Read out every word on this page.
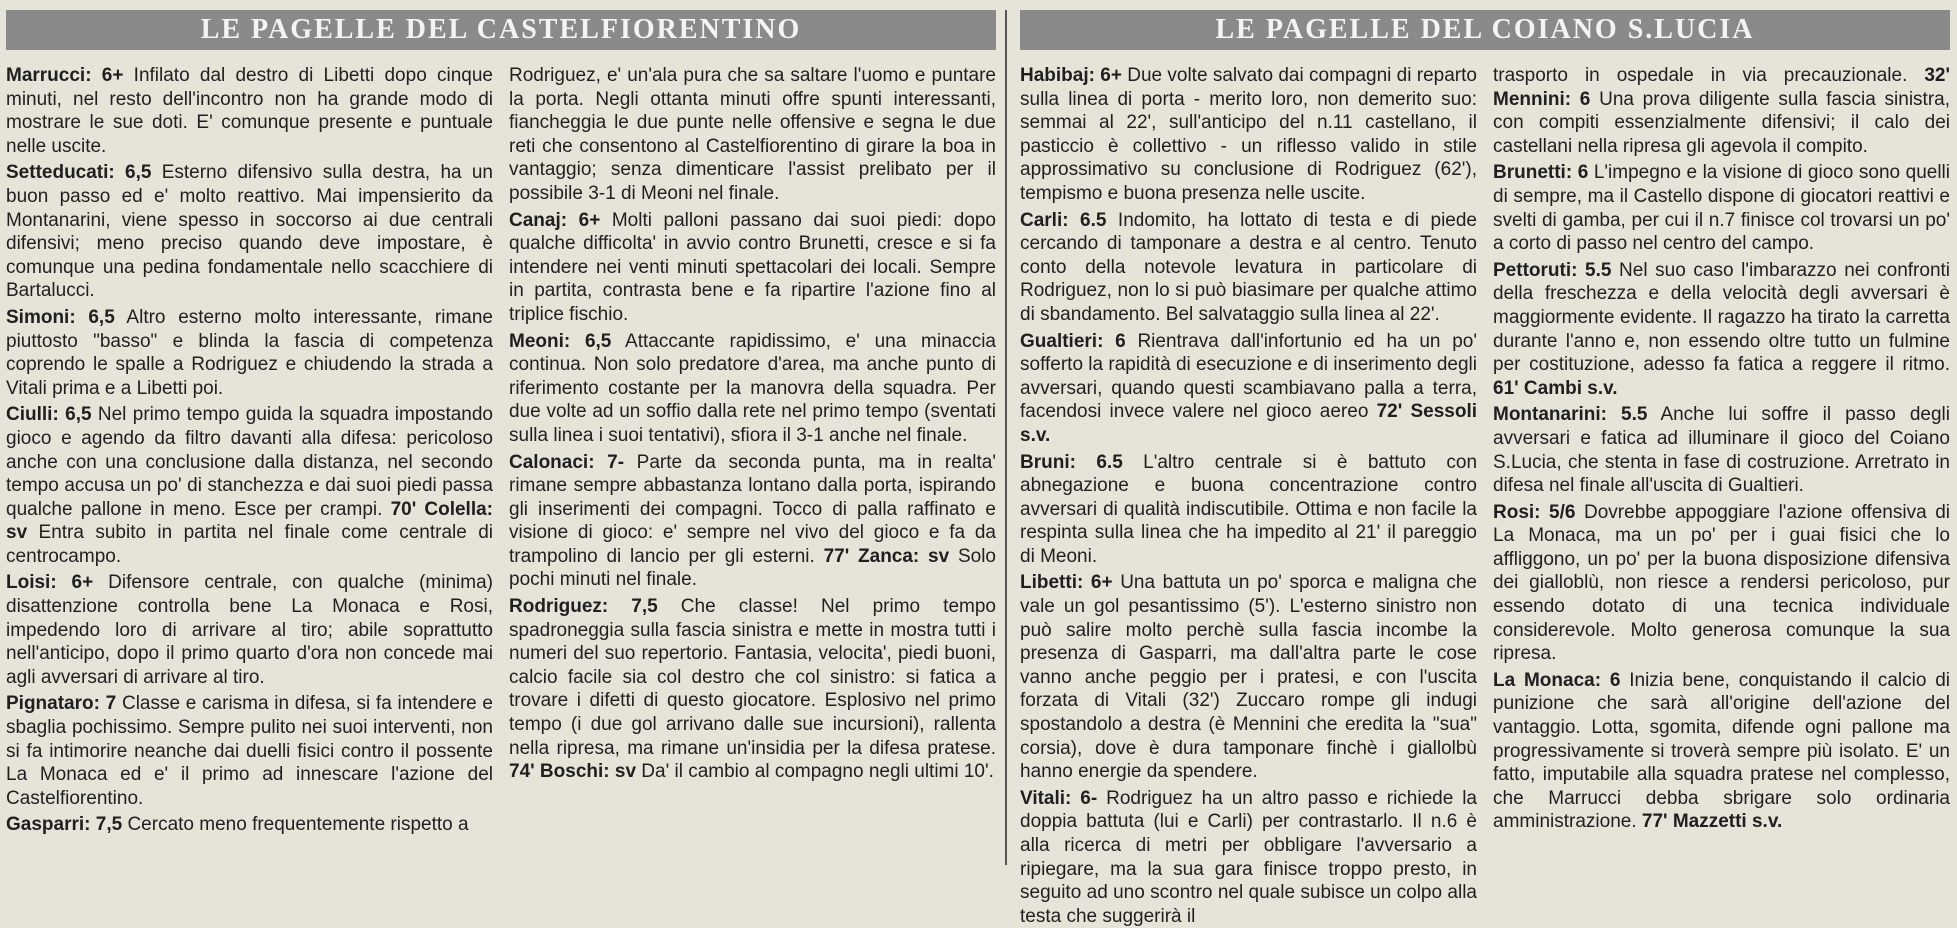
LE PAGELLE DEL CASTELFIORENTINO

Marrucci: 6+ Infilato dal destro di Libetti dopo cinque minuti, nel resto dell'incontro non ha grande modo di mostrare le sue doti. E' comunque presente e puntuale nelle uscite.

Setteducati: 6,5 Esterno difensivo sulla destra, ha un buon passo ed e' molto reattivo. Mai impensierito da Montanarini, viene spesso in soccorso ai due centrali difensivi; meno preciso quando deve impostare, è comunque una pedina fondamentale nello scacchiere di Bartalucci.

Simoni: 6,5 Altro esterno molto interessante, rimane piuttosto "basso" e blinda la fascia di competenza coprendo le spalle a Rodriguez e chiudendo la strada a Vitali prima e a Libetti poi.

Ciulli: 6,5 Nel primo tempo guida la squadra impostando gioco e agendo da filtro davanti alla difesa: pericoloso anche con una conclusione dalla distanza, nel secondo tempo accusa un po' di stanchezza e dai suoi piedi passa qualche pallone in meno. Esce per crampi. 70' Colella: sv Entra subito in partita nel finale come centrale di centrocampo.

Loisi: 6+ Difensore centrale, con qualche (minima) disattenzione controlla bene La Monaca e Rosi, impedendo loro di arrivare al tiro; abile soprattutto nell'anticipo, dopo il primo quarto d'ora non concede mai agli avversari di arrivare al tiro.

Pignataro: 7 Classe e carisma in difesa, si fa intendere e sbaglia pochissimo. Sempre pulito nei suoi interventi, non si fa intimorire neanche dai duelli fisici contro il possente La Monaca ed e' il primo ad innescare l'azione del Castelfiorentino.

Gasparri: 7,5 Cercato meno frequentemente rispetto a

Rodriguez, e' un'ala pura che sa saltare l'uomo e puntare la porta. Negli ottanta minuti offre spunti interessanti, fiancheggia le due punte nelle offensive e segna le due reti che consentono al Castelfiorentino di girare la boa in vantaggio; senza dimenticare l'assist prelibato per il possibile 3-1 di Meoni nel finale.

Canaj: 6+ Molti palloni passano dai suoi piedi: dopo qualche difficolta' in avvio contro Brunetti, cresce e si fa intendere nei venti minuti spettacolari dei locali. Sempre in partita, contrasta bene e fa ripartire l'azione fino al triplice fischio.

Meoni: 6,5 Attaccante rapidissimo, e' una minaccia continua. Non solo predatore d'area, ma anche punto di riferimento costante per la manovra della squadra. Per due volte ad un soffio dalla rete nel primo tempo (sventati sulla linea i suoi tentativi), sfiora il 3-1 anche nel finale.

Calonaci: 7- Parte da seconda punta, ma in realta' rimane sempre abbastanza lontano dalla porta, ispirando gli inserimenti dei compagni. Tocco di palla raffinato e visione di gioco: e' sempre nel vivo del gioco e fa da trampolino di lancio per gli esterni. 77' Zanca: sv Solo pochi minuti nel finale.

Rodriguez: 7,5 Che classe! Nel primo tempo spadroneggia sulla fascia sinistra e mette in mostra tutti i numeri del suo repertorio. Fantasia, velocita', piedi buoni, calcio facile sia col destro che col sinistro: si fatica a trovare i difetti di questo giocatore. Esplosivo nel primo tempo (i due gol arrivano dalle sue incursioni), rallenta nella ripresa, ma rimane un'insidia per la difesa pratese. 74' Boschi: sv Da' il cambio al compagno negli ultimi 10'.

LE PAGELLE DEL COIANO S.LUCIA

Habibaj: 6+ Due volte salvato dai compagni di reparto sulla linea di porta - merito loro, non demerito suo: semmai al 22', sull'anticipo del n.11 castellano, il pasticcio è collettivo - un riflesso valido in stile approssimativo su conclusione di Rodriguez (62'), tempismo e buona presenza nelle uscite.

Carli: 6.5 Indomito, ha lottato di testa e di piede cercando di tamponare a destra e al centro. Tenuto conto della notevole levatura in particolare di Rodriguez, non lo si può biasimare per qualche attimo di sbandamento. Bel salvataggio sulla linea al 22'.

Gualtieri: 6 Rientrava dall'infortunio ed ha un po' sofferto la rapidità di esecuzione e di inserimento degli avversari, quando questi scambiavano palla a terra, facendosi invece valere nel gioco aereo 72' Sessoli s.v.

Bruni: 6.5 L'altro centrale si è battuto con abnegazione e buona concentrazione contro avversari di qualità indiscutibile. Ottima e non facile la respinta sulla linea che ha impedito al 21' il pareggio di Meoni.

Libetti: 6+ Una battuta un po' sporca e maligna che vale un gol pesantissimo (5'). L'esterno sinistro non può salire molto perchè sulla fascia incombe la presenza di Gasparri, ma dall'altra parte le cose vanno anche peggio per i pratesi, e con l'uscita forzata di Vitali (32') Zuccaro rompe gli indugi spostandolo a destra (è Mennini che eredita la "sua" corsia), dove è dura tamponare finchè i giallolbù hanno energie da spendere.

Vitali: 6- Rodriguez ha un altro passo e richiede la doppia battuta (lui e Carli) per contrastarlo. Il n.6 è alla ricerca di metri per obbligare l'avversario a ripiegare, ma la sua gara finisce troppo presto, in seguito ad uno scontro nel quale subisce un colpo alla testa che suggerirà il

trasporto in ospedale in via precauzionale. 32' Mennini: 6 Una prova diligente sulla fascia sinistra, con compiti essenzialmente difensivi; il calo dei castellani nella ripresa gli agevola il compito.

Brunetti: 6 L'impegno e la visione di gioco sono quelli di sempre, ma il Castello dispone di giocatori reattivi e svelti di gamba, per cui il n.7 finisce col trovarsi un po' a corto di passo nel centro del campo.

Pettoruti: 5.5 Nel suo caso l'imbarazzo nei confronti della freschezza e della velocità degli avversari è maggiormente evidente. Il ragazzo ha tirato la carretta durante l'anno e, non essendo oltre tutto un fulmine per costituzione, adesso fa fatica a reggere il ritmo. 61' Cambi s.v.

Montanarini: 5.5 Anche lui soffre il passo degli avversari e fatica ad illuminare il gioco del Coiano S.Lucia, che stenta in fase di costruzione. Arretrato in difesa nel finale all'uscita di Gualtieri.

Rosi: 5/6 Dovrebbe appoggiare l'azione offensiva di La Monaca, ma un po' per i guai fisici che lo affliggono, un po' per la buona disposizione difensiva dei gialloblù, non riesce a rendersi pericoloso, pur essendo dotato di una tecnica individuale considerevole. Molto generosa comunque la sua ripresa.

La Monaca: 6 Inizia bene, conquistando il calcio di punizione che sarà all'origine dell'azione del vantaggio. Lotta, sgomita, difende ogni pallone ma progressivamente si troverà sempre più isolato. E' un fatto, imputabile alla squadra pratese nel complesso, che Marrucci debba sbrigare solo ordinaria amministrazione. 77' Mazzetti s.v.
